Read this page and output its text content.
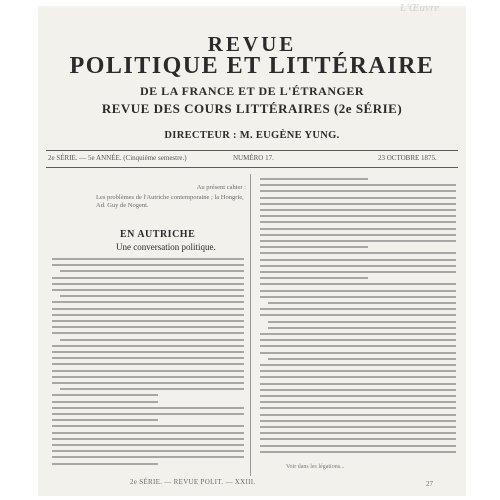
REVUE
POLITIQUE ET LITTÉRAIRE
DE LA FRANCE ET DE L'ÉTRANGER
REVUE DES COURS LITTÉRAIRES (2e SÉRIE)
DIRECTEUR : M. EUGÈNE YUNG.
2e SÉRIE. — 5e ANNÉE. (Cinquième semestre.)	NUMÉRO 17.	23 OCTOBRE 1875.
Au présent cahier :
Les problèmes de l'Autriche contemporaine ; la Hongrie, Ad. Guy de Nogent.
EN AUTRICHE
Une conversation politique.
Voir dans les légations...
2e SÉRIE. — REVUE POLIT. — XXIII.	27
L'Œuvre
